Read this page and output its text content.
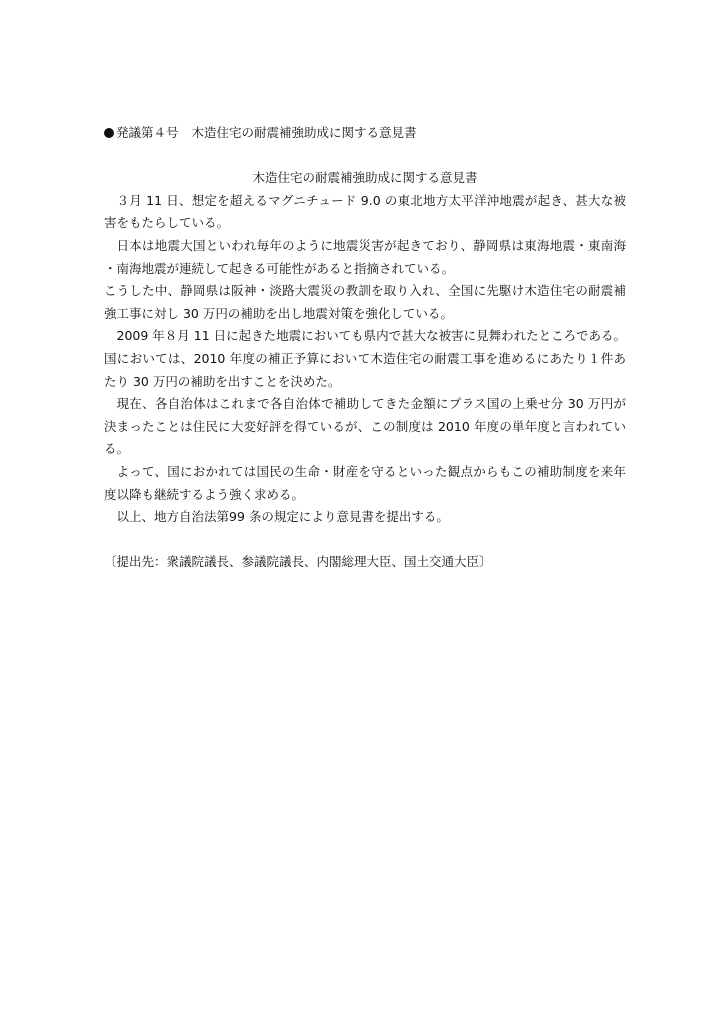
発議第４号 木造住宅の耐震補強助成に関する意見書

木造住宅の耐震補強助成に関する意見書

３月 11 日、想定を超えるマグニチュード 9.0 の東北地方太平洋沖地震が起き、甚大な被害をもたらしている。

日本は地震大国といわれ毎年のように地震災害が起きており、静岡県は東海地震・東南海・南海地震が連続して起きる可能性があると指摘されている。

こうした中、静岡県は阪神・淡路大震災の教訓を取り入れ、全国に先駆け木造住宅の耐震補強工事に対し 30 万円の補助を出し地震対策を強化している。

2009 年８月 11 日に起きた地震においても県内で甚大な被害に見舞われたところである。国においては、2010 年度の補正予算において木造住宅の耐震工事を進めるにあたり１件あたり 30 万円の補助を出すことを決めた。

現在、各自治体はこれまで各自治体で補助してきた金額にプラス国の上乗せ分 30 万円が決まったことは住民に大変好評を得ているが、この制度は 2010 年度の単年度と言われている。

よって、国におかれては国民の生命・財産を守るといった観点からもこの補助制度を来年度以降も継続するよう強く求める。

以上、地方自治法第99 条の規定により意見書を提出する。

〔提出先：衆議院議長、参議院議長、内閣総理大臣、国土交通大臣〕
